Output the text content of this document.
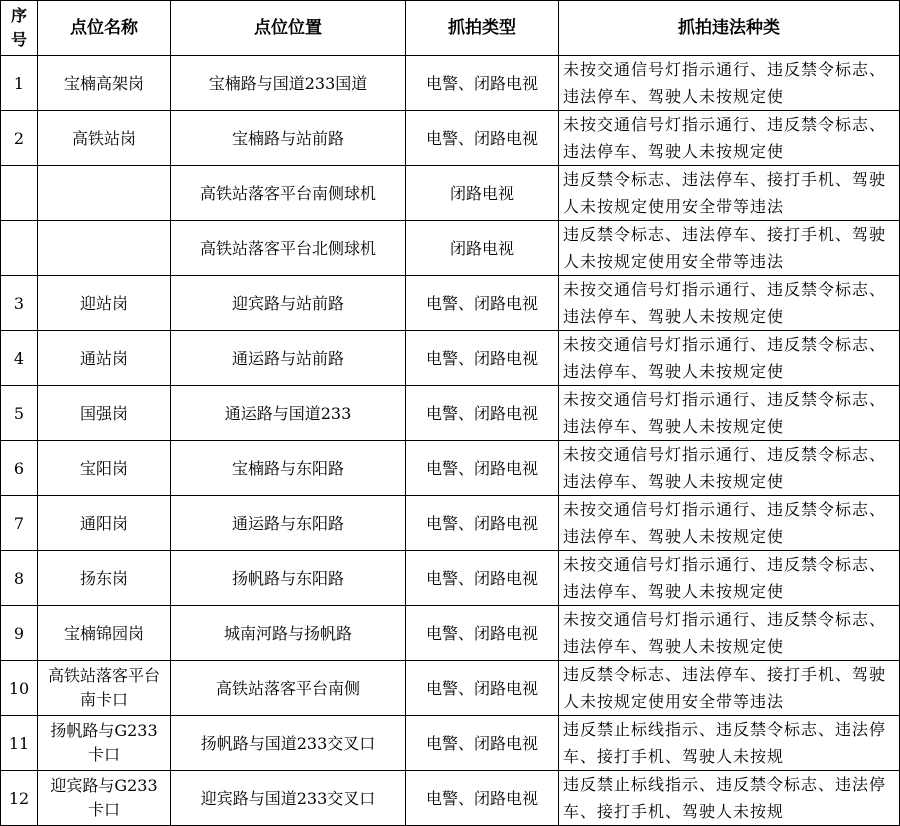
序号	点位名称	点位位置	抓拍类型	抓拍违法种类
1	宝楠高架岗	宝楠路与国道233国道	电警、闭路电视	未按交通信号灯指示通行、违反禁令标志、违法停车、驾驶人未按规定使

2	高铁站岗	宝楠路与站前路	电警、闭路电视	未按交通信号灯指示通行、违反禁令标志、违法停车、驾驶人未按规定使

		高铁站落客平台南侧球机	闭路电视	违反禁令标志、违法停车、接打手机、驾驶人未按规定使用安全带等违法

		高铁站落客平台北侧球机	闭路电视	违反禁令标志、违法停车、接打手机、驾驶人未按规定使用安全带等违法

3	迎站岗	迎宾路与站前路	电警、闭路电视	未按交通信号灯指示通行、违反禁令标志、违法停车、驾驶人未按规定使

4	通站岗	通运路与站前路	电警、闭路电视	未按交通信号灯指示通行、违反禁令标志、违法停车、驾驶人未按规定使

5	国强岗	通运路与国道233	电警、闭路电视	未按交通信号灯指示通行、违反禁令标志、违法停车、驾驶人未按规定使

6	宝阳岗	宝楠路与东阳路	电警、闭路电视	未按交通信号灯指示通行、违反禁令标志、违法停车、驾驶人未按规定使

7	通阳岗	通运路与东阳路	电警、闭路电视	未按交通信号灯指示通行、违反禁令标志、违法停车、驾驶人未按规定使

8	扬东岗	扬帆路与东阳路	电警、闭路电视	未按交通信号灯指示通行、违反禁令标志、违法停车、驾驶人未按规定使

9	宝楠锦园岗	城南河路与扬帆路	电警、闭路电视	未按交通信号灯指示通行、违反禁令标志、违法停车、驾驶人未按规定使

10	高铁站落客平台南卡口	高铁站落客平台南侧	电警、闭路电视	违反禁令标志、违法停车、接打手机、驾驶人未按规定使用安全带等违法

11	扬帆路与G233卡口	扬帆路与国道233交叉口	电警、闭路电视	违反禁止标线指示、违反禁令标志、违法停车、接打手机、驾驶人未按规

12	迎宾路与G233卡口	迎宾路与国道233交叉口	电警、闭路电视	违反禁止标线指示、违反禁令标志、违法停车、接打手机、驾驶人未按规
